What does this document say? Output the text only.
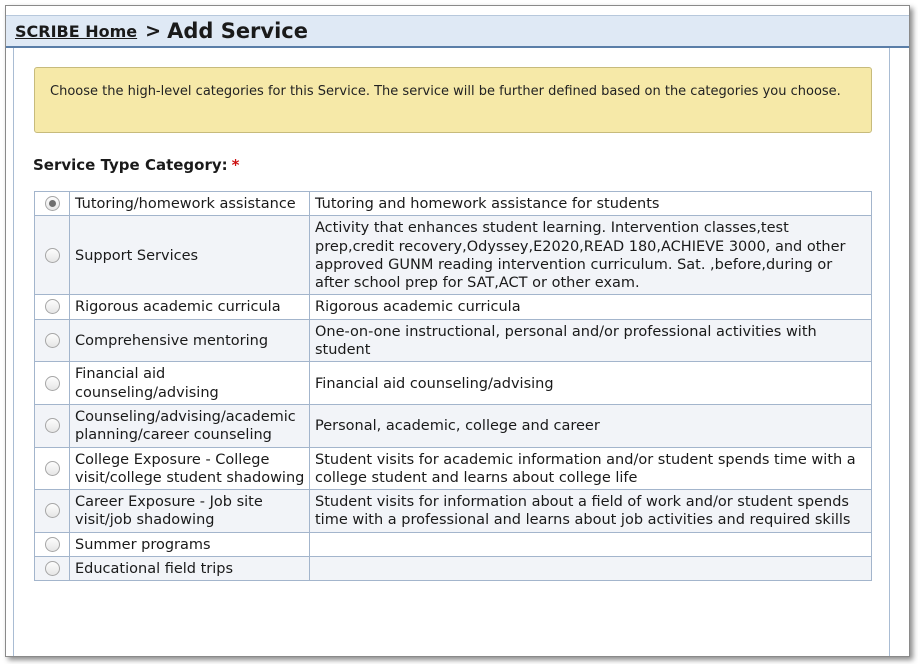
SCRIBE Home > Add Service
Choose the high-level categories for this Service. The service will be further defined based on the categories you choose.
Service Type Category: *
	Tutoring/homework assistance	Tutoring and homework assistance for students
	Support Services	Activity that enhances student learning. Intervention classes,test prep,credit recovery,Odyssey,E2020,READ 180,ACHIEVE 3000, and other approved GUNM reading intervention curriculum. Sat. ,before,during or after school prep for SAT,ACT or other exam.
	Rigorous academic curricula	Rigorous academic curricula
	Comprehensive mentoring	One-on-one instructional, personal and/or professional activities with student
	Financial aid counseling/advising	Financial aid counseling/advising
	Counseling/advising/academic planning/career counseling	Personal, academic, college and career
	College Exposure - College visit/college student shadowing	Student visits for academic information and/or student spends time with a college student and learns about college life
	Career Exposure - Job site visit/job shadowing	Student visits for information about a field of work and/or student spends time with a professional and learns about job activities and required skills
	Summer programs	
	Educational field trips	
